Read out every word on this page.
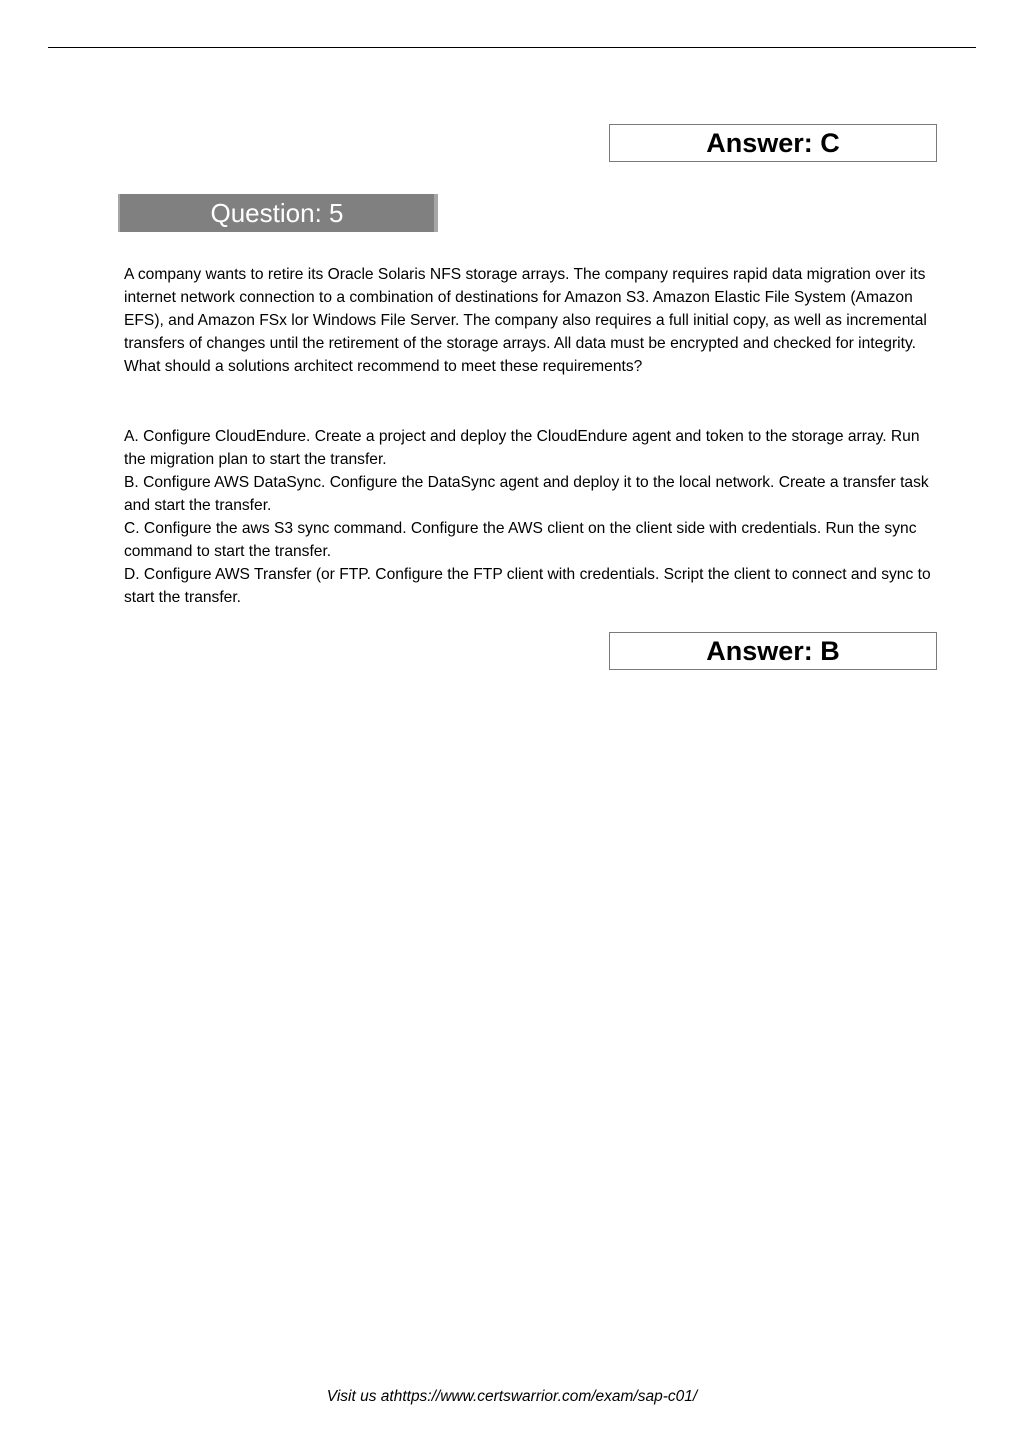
Answer: C
Question: 5

A company wants to retire its Oracle Solaris NFS storage arrays. The company requires rapid data migration over its internet network connection to a combination of destinations for Amazon S3. Amazon Elastic File System (Amazon EFS), and Amazon FSx lor Windows File Server. The company also requires a full initial copy, as well as incremental transfers of changes until the retirement of the storage arrays. All data must be encrypted and checked for integrity.

What should a solutions architect recommend to meet these requirements?

A. Configure CloudEndure. Create a project and deploy the CloudEndure agent and token to the storage array. Run the migration plan to start the transfer.

B. Configure AWS DataSync. Configure the DataSync agent and deploy it to the local network. Create a transfer task and start the transfer.

C. Configure the aws S3 sync command. Configure the AWS client on the client side with credentials. Run the sync command to start the transfer.

D. Configure AWS Transfer (or FTP. Configure the FTP client with credentials. Script the client to connect and sync to start the transfer.

Answer: B
Visit us athttps://www.certswarrior.com/exam/sap-c01/
